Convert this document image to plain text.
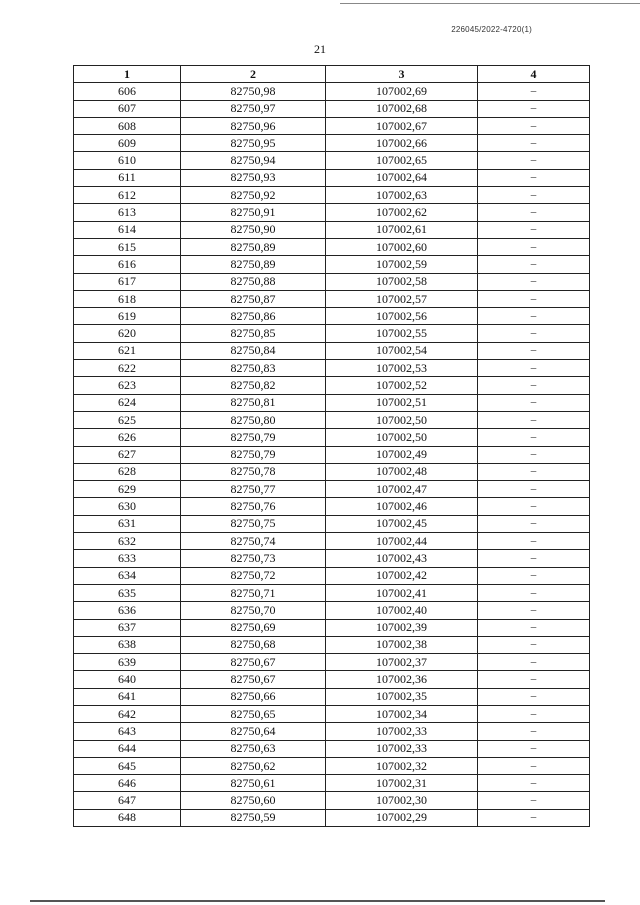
226045/2022-4720(1)
21
1	2	3	4
606	82750,98	107002,69	–
607	82750,97	107002,68	–
608	82750,96	107002,67	–
609	82750,95	107002,66	–
610	82750,94	107002,65	–
611	82750,93	107002,64	–
612	82750,92	107002,63	–
613	82750,91	107002,62	–
614	82750,90	107002,61	–
615	82750,89	107002,60	–
616	82750,89	107002,59	–
617	82750,88	107002,58	–
618	82750,87	107002,57	–
619	82750,86	107002,56	–
620	82750,85	107002,55	–
621	82750,84	107002,54	–
622	82750,83	107002,53	–
623	82750,82	107002,52	–
624	82750,81	107002,51	–
625	82750,80	107002,50	–
626	82750,79	107002,50	–
627	82750,79	107002,49	–
628	82750,78	107002,48	–
629	82750,77	107002,47	–
630	82750,76	107002,46	–
631	82750,75	107002,45	–
632	82750,74	107002,44	–
633	82750,73	107002,43	–
634	82750,72	107002,42	–
635	82750,71	107002,41	–
636	82750,70	107002,40	–
637	82750,69	107002,39	–
638	82750,68	107002,38	–
639	82750,67	107002,37	–
640	82750,67	107002,36	–
641	82750,66	107002,35	–
642	82750,65	107002,34	–
643	82750,64	107002,33	–
644	82750,63	107002,33	–
645	82750,62	107002,32	–
646	82750,61	107002,31	–
647	82750,60	107002,30	–
648	82750,59	107002,29	–
